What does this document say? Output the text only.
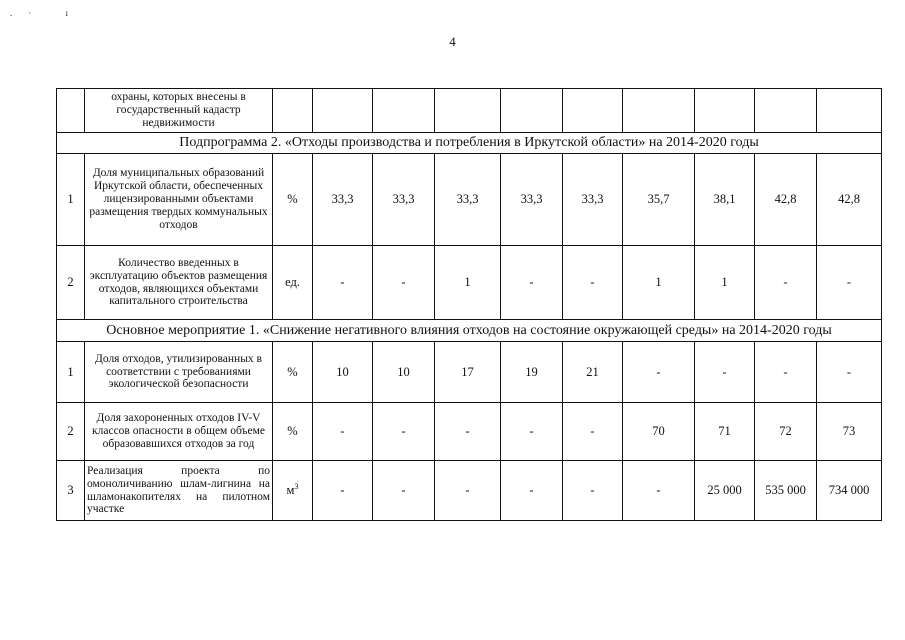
.· ı
4
	охраны, которых внесены в государственный кадастр недвижимости										
Подпрограмма 2. «Отходы производства и потребления в Иркутской области» на 2014-2020 годы											
1	Доля муниципальных образований Иркутской области, обеспеченных лицензированными объектами размещения твердых коммунальных отходов	%	33,3	33,3	33,3	33,3	33,3	35,7	38,1	42,8	42,8
2	Количество введенных в эксплуатацию объектов размещения отходов, являющихся объектами капитального строительства	ед.	-	-	1	-	-	1	1	-	-
Основное мероприятие 1. «Снижение негативного влияния отходов на состояние окружающей среды» на 2014-2020 годы											
1	Доля отходов, утилизированных в соответствии с требованиями экологической безопасности	%	10	10	17	19	21	-	-	-	-
2	Доля захороненных отходов IV-V классов опасности в общем объеме образовавшихся отходов за год	%	-	-	-	-	-	70	71	72	73
3	Реализация проекта по омоноличиванию шлам-лигнина на шламонакопителях на пилотном участке	$м^3$	-	-	-	-	-	-	25 000	535 000	734 000
